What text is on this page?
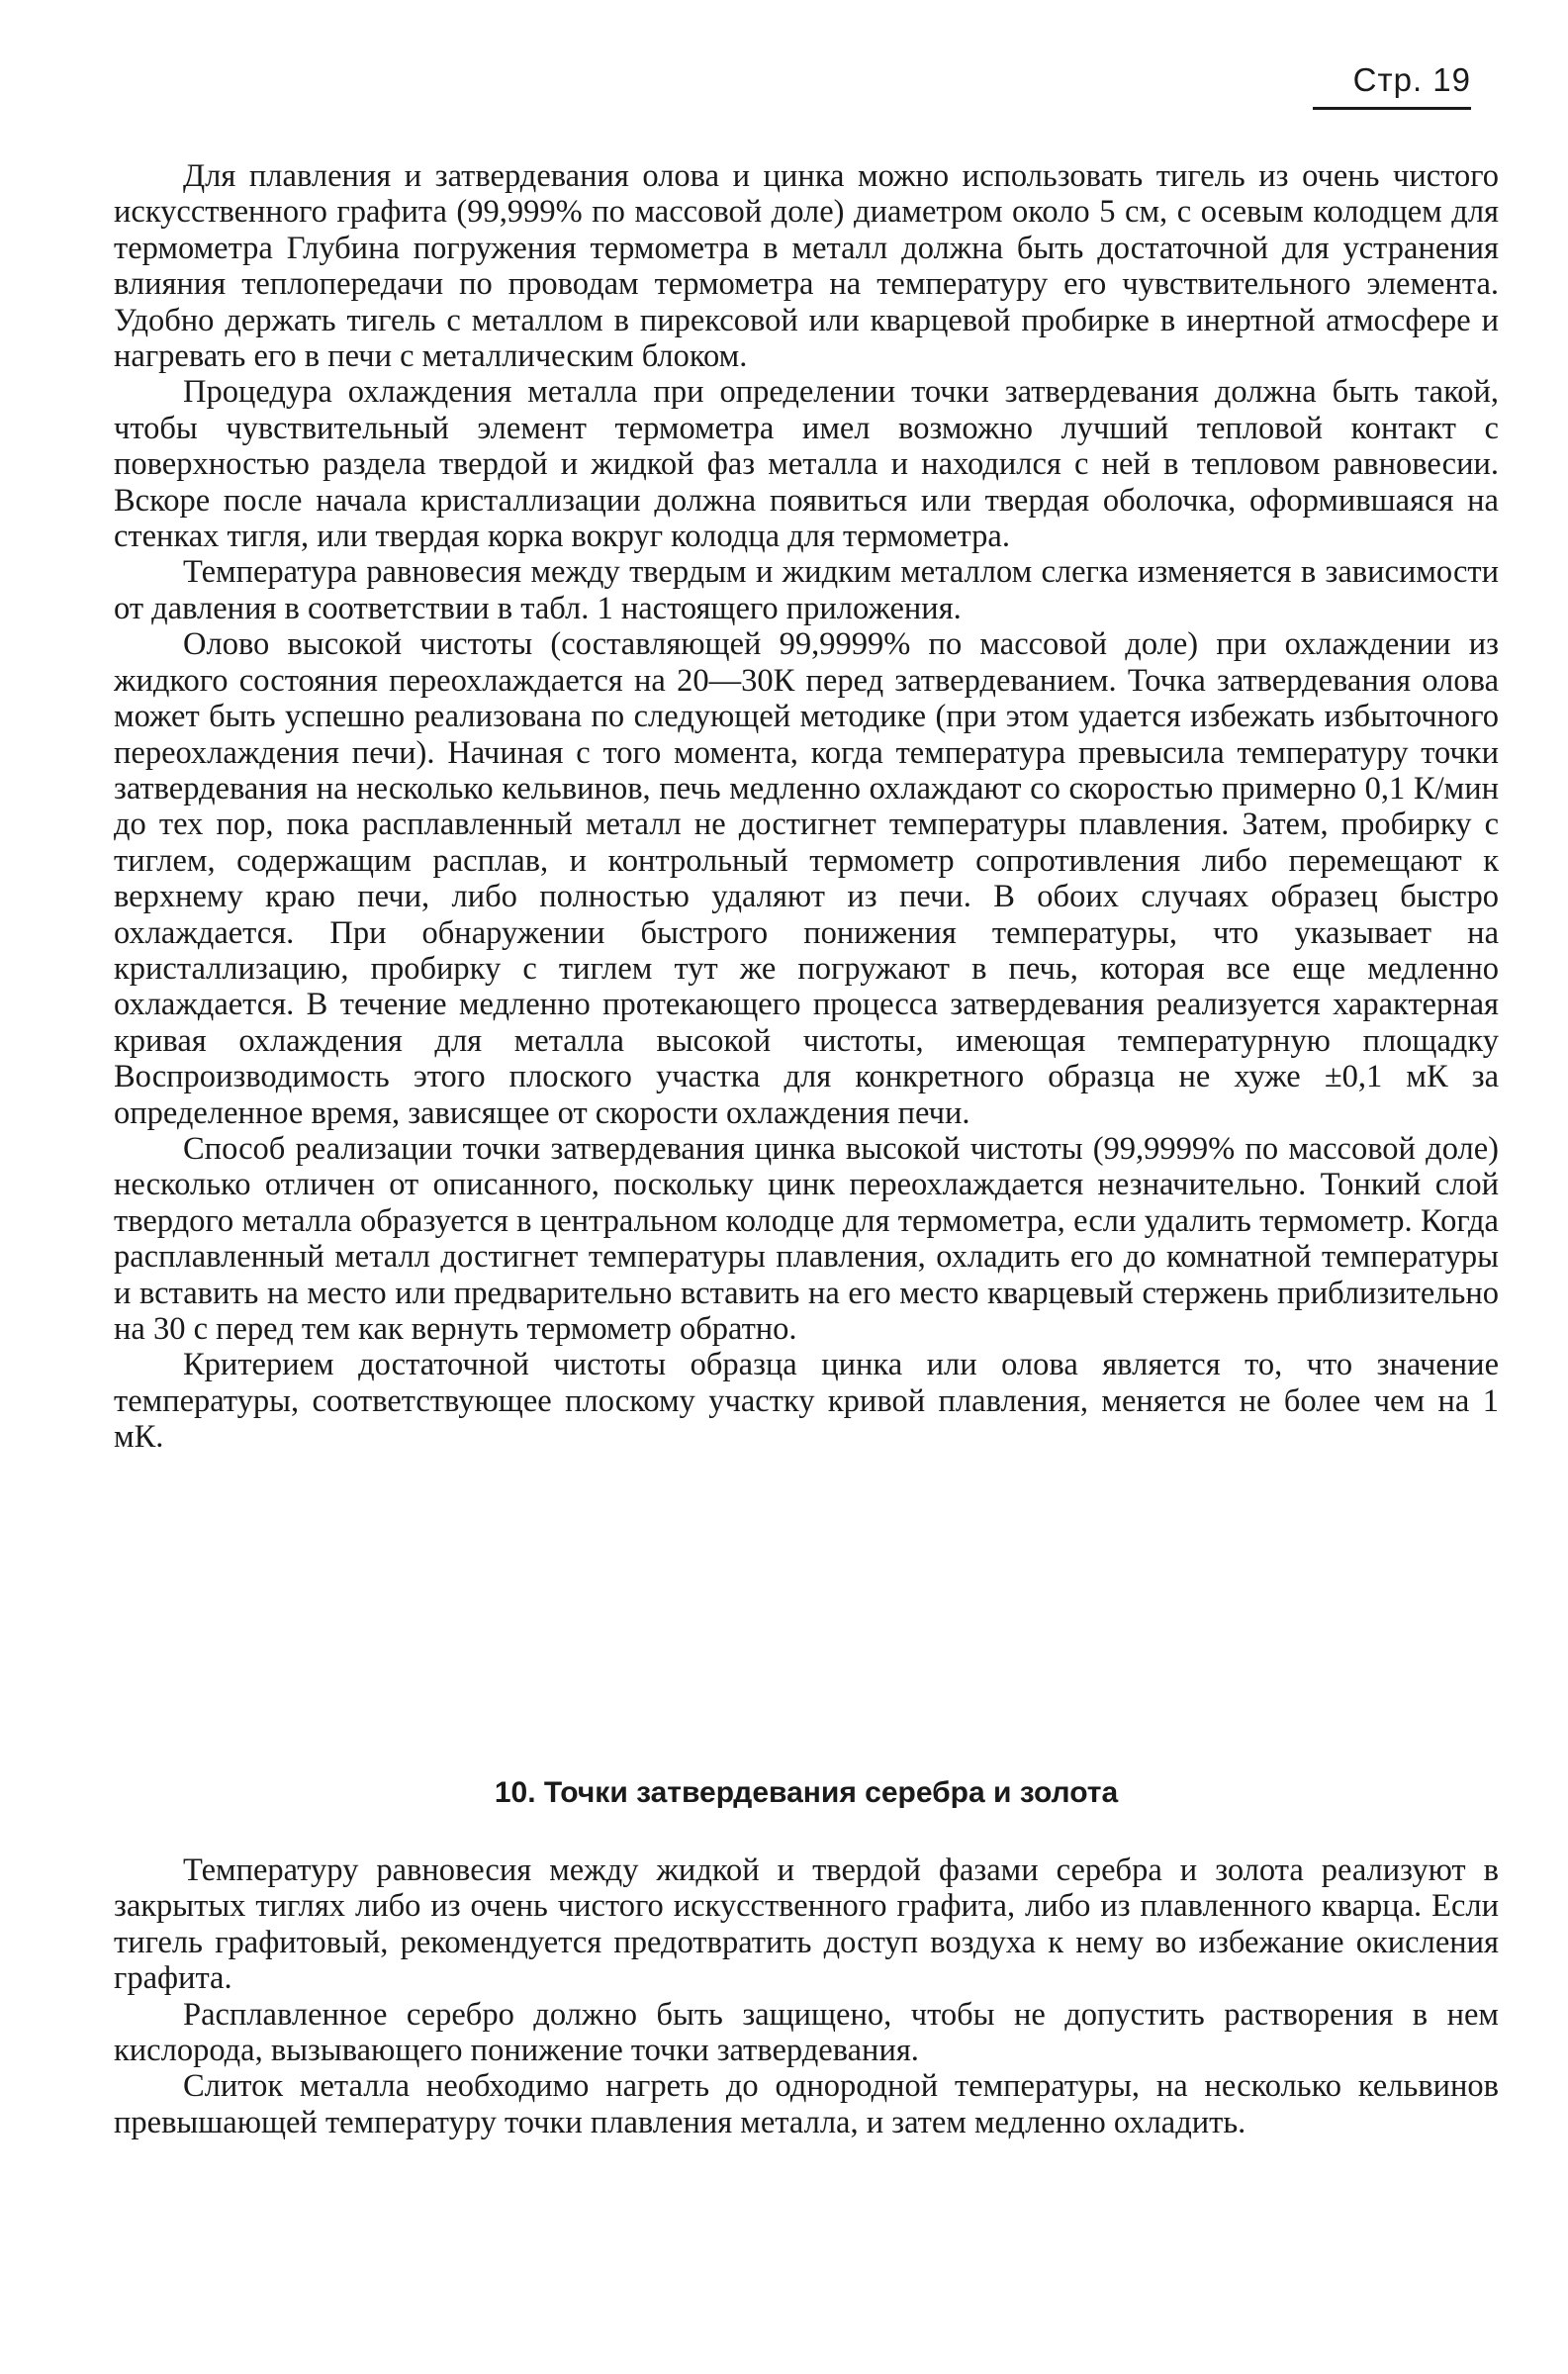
Стр. 19

Для плавления и затвердевания олова и цинка можно использовать тигель из очень чистого искусственного графита (99,999% по массовой доле) диаметром около 5 см, с осевым колодцем для термометра Глубина погружения термометра в металл должна быть достаточной для устранения влияния теплопередачи по проводам термометра на температуру его чувствительного элемента. Удобно держать тигель с металлом в пирексовой или кварцевой пробирке в инертной атмосфере и нагревать его в печи с металлическим блоком.

Процедура охлаждения металла при определении точки затвердевания должна быть такой, чтобы чувствительный элемент термометра имел возможно лучший тепловой контакт с поверхностью раздела твердой и жидкой фаз металла и находился с ней в тепловом равновесии. Вскоре после начала кристаллизации должна появиться или твердая оболочка, оформившаяся на стенках тигля, или твердая корка вокруг колодца для термометра.

Температура равновесия между твердым и жидким металлом слегка изменяется в зависимости от давления в соответствии в табл. 1 настоящего приложения.

Олово высокой чистоты (составляющей 99,9999% по массовой доле) при охлаждении из жидкого состояния переохлаждается на 20—30К перед затвердеванием. Точка затвердевания олова может быть успешно реализована по следующей методике (при этом удается избежать избыточного переохлаждения печи). Начиная с того момента, когда температура превысила температуру точки затвердевания на несколько кельвинов, печь медленно охлаждают со скоростью примерно 0,1 К/мин до тех пор, пока расплавленный металл не достигнет температуры плавления. Затем, пробирку с тиглем, содержащим расплав, и контрольный термометр сопротивления либо перемещают к верхнему краю печи, либо полностью удаляют из печи. В обоих случаях образец быстро охлаждается. При обнаружении быстрого понижения температуры, что указывает на кристаллизацию, пробирку с тиглем тут же погружают в печь, которая все еще медленно охлаждается. В течение медленно протекающего процесса затвердевания реализуется характерная кривая охлаждения для металла высокой чистоты, имеющая температурную площадку Воспроизводимость этого плоского участка для конкретного образца не хуже ±0,1 мК за определенное время, зависящее от скорости охлаждения печи.

Способ реализации точки затвердевания цинка высокой чистоты (99,9999% по массовой доле) несколько отличен от описанного, поскольку цинк переохлаждается незначительно. Тонкий слой твердого металла образуется в центральном колодце для термометра, если удалить термометр. Когда расплавленный металл достигнет температуры плавления, охладить его до комнатной температуры и вставить на место или предварительно вставить на его место кварцевый стержень приблизительно на 30 с перед тем как вернуть термометр обратно.

Критерием достаточной чистоты образца цинка или олова является то, что значение температуры, соответствующее плоскому участку кривой плавления, меняется не более чем на 1 мК.

10. Точки затвердевания серебра и золота

Температуру равновесия между жидкой и твердой фазами серебра и золота реализуют в закрытых тиглях либо из очень чистого искусственного графита, либо из плавленного кварца. Если тигель графитовый, рекомендуется предотвратить доступ воздуха к нему во избежание окисления графита.

Расплавленное серебро должно быть защищено, чтобы не допустить растворения в нем кислорода, вызывающего понижение точки затвердевания.

Слиток металла необходимо нагреть до однородной температуры, на несколько кельвинов превышающей температуру точки плавления металла, и затем медленно охладить.
